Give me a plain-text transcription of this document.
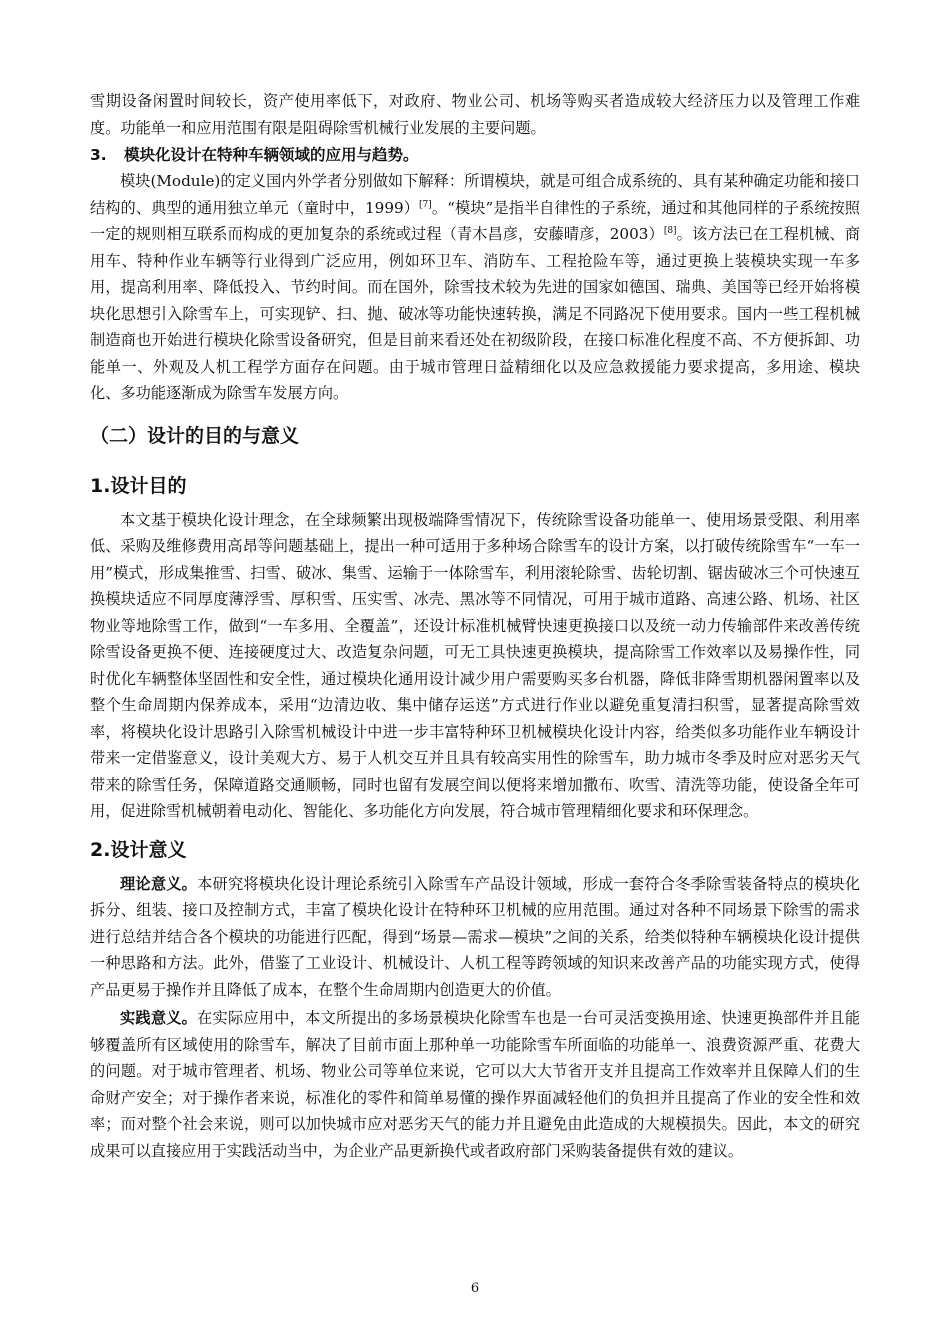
雪期设备闲置时间较长，资产使用率低下，对政府、物业公司、机场等购买者造成较大经济压力以及管理工作难度。功能单一和应用范围有限是阻碍除雪机械行业发展的主要问题。

3. 模块化设计在特种车辆领域的应用与趋势。

模块(Module)的定义国内外学者分别做如下解释：所谓模块，就是可组合成系统的、具有某种确定功能和接口结构的、典型的通用独立单元（童时中，1999）[7]。“模块”是指半自律性的子系统，通过和其他同样的子系统按照一定的规则相互联系而构成的更加复杂的系统或过程（青木昌彦，安藤晴彦，2003）[8]。该方法已在工程机械、商用车、特种作业车辆等行业得到广泛应用，例如环卫车、消防车、工程抢险车等，通过更换上装模块实现一车多用，提高利用率、降低投入、节约时间。而在国外，除雪技术较为先进的国家如德国、瑞典、美国等已经开始将模块化思想引入除雪车上，可实现铲、扫、抛、破冰等功能快速转换，满足不同路况下使用要求。国内一些工程机械制造商也开始进行模块化除雪设备研究，但是目前来看还处在初级阶段，在接口标准化程度不高、不方便拆卸、功能单一、外观及人机工程学方面存在问题。由于城市管理日益精细化以及应急救援能力要求提高，多用途、模块化、多功能逐渐成为除雪车发展方向。

（二）设计的目的与意义
1.设计目的

本文基于模块化设计理念，在全球频繁出现极端降雪情况下，传统除雪设备功能单一、使用场景受限、利用率低、采购及维修费用高昂等问题基础上，提出一种可适用于多种场合除雪车的设计方案，以打破传统除雪车“一车一用”模式，形成集推雪、扫雪、破冰、集雪、运输于一体除雪车，利用滚轮除雪、齿轮切割、锯齿破冰三个可快速互换模块适应不同厚度薄浮雪、厚积雪、压实雪、冰壳、黑冰等不同情况，可用于城市道路、高速公路、机场、社区物业等地除雪工作，做到“一车多用、全覆盖”，还设计标准机械臂快速更换接口以及统一动力传输部件来改善传统除雪设备更换不便、连接硬度过大、改造复杂问题，可无工具快速更换模块，提高除雪工作效率以及易操作性，同时优化车辆整体坚固性和安全性，通过模块化通用设计减少用户需要购买多台机器，降低非降雪期机器闲置率以及整个生命周期内保养成本，采用“边清边收、集中储存运送”方式进行作业以避免重复清扫积雪，显著提高除雪效率，将模块化设计思路引入除雪机械设计中进一步丰富特种环卫机械模块化设计内容，给类似多功能作业车辆设计带来一定借鉴意义，设计美观大方、易于人机交互并且具有较高实用性的除雪车，助力城市冬季及时应对恶劣天气带来的除雪任务，保障道路交通顺畅，同时也留有发展空间以便将来增加撒布、吹雪、清洗等功能，使设备全年可用，促进除雪机械朝着电动化、智能化、多功能化方向发展，符合城市管理精细化要求和环保理念。

2.设计意义

理论意义。本研究将模块化设计理论系统引入除雪车产品设计领域，形成一套符合冬季除雪装备特点的模块化拆分、组装、接口及控制方式，丰富了模块化设计在特种环卫机械的应用范围。通过对各种不同场景下除雪的需求进行总结并结合各个模块的功能进行匹配，得到“场景—需求—模块”之间的关系，给类似特种车辆模块化设计提供一种思路和方法。此外，借鉴了工业设计、机械设计、人机工程等跨领域的知识来改善产品的功能实现方式，使得产品更易于操作并且降低了成本，在整个生命周期内创造更大的价值。

实践意义。在实际应用中，本文所提出的多场景模块化除雪车也是一台可灵活变换用途、快速更换部件并且能够覆盖所有区域使用的除雪车，解决了目前市面上那种单一功能除雪车所面临的功能单一、浪费资源严重、花费大的问题。对于城市管理者、机场、物业公司等单位来说，它可以大大节省开支并且提高工作效率并且保障人们的生命财产安全；对于操作者来说，标准化的零件和简单易懂的操作界面减轻他们的负担并且提高了作业的安全性和效率；而对整个社会来说，则可以加快城市应对恶劣天气的能力并且避免由此造成的大规模损失。因此，本文的研究成果可以直接应用于实践活动当中，为企业产品更新换代或者政府部门采购装备提供有效的建议。

6
